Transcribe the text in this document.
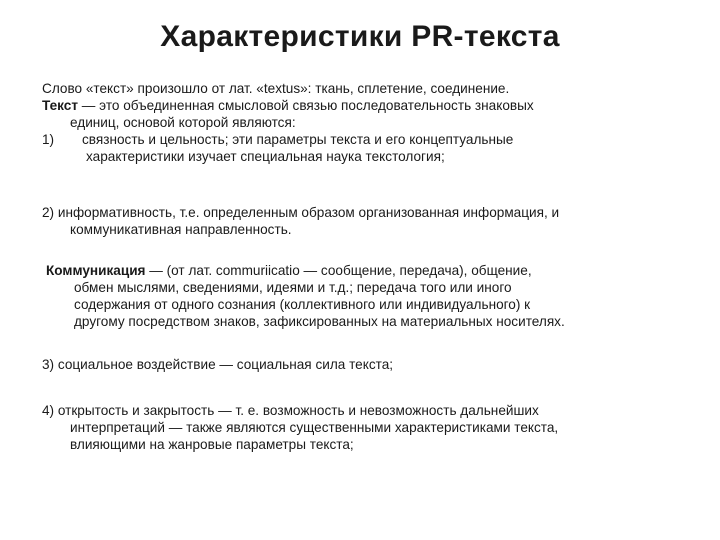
Характеристики PR-текста

Слово «текст» произошло от лат. «textus»: ткань, сплетение, соединение.

Текст — это объединенная смысловой связью последовательность знаковых

единиц, основой которой являются:

1) связность и цельность; эти параметры текста и его концептуальные

характеристики изучает специальная наука текстология;

2) информативность, т.е. определенным образом организованная информация, и

коммуникативная направленность.

Коммуникация — (от лат. commuriicatio — сообщение, передача), общение,

обмен мыслями, сведениями, идеями и т.д.; передача того или иного

содержания от одного сознания (коллективного или индивидуального) к

другому посредством знаков, зафиксированных на материальных носителях.

3) социальное воздействие — социальная сила текста;

4) открытость и закрытость — т. е. возможность и невозможность дальнейших

интерпретаций — также являются существенными характеристиками текста,

влияющими на жанровые параметры текста;
